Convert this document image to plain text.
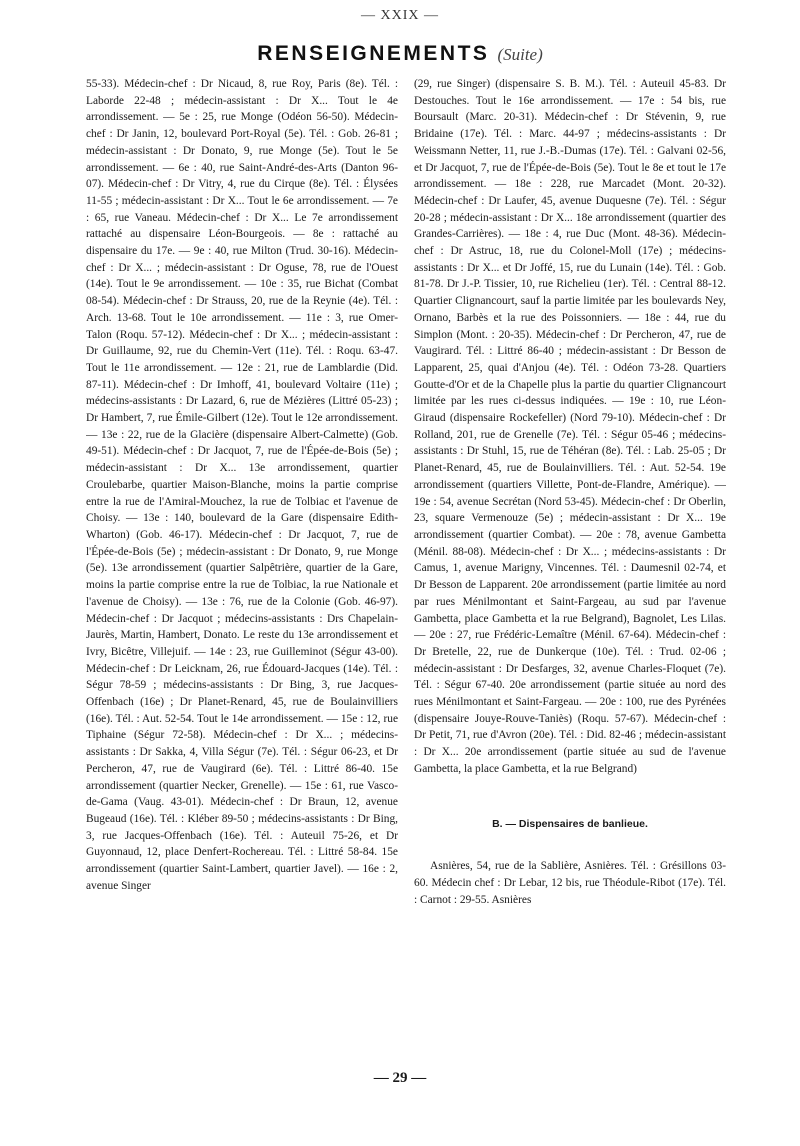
— XXIX —
RENSEIGNEMENTS (Suite)

55-33). Médecin-chef : Dr Nicaud, 8, rue Roy, Paris (8e). Tél. : Laborde 22-48 ; médecin-assistant : Dr X... Tout le 4e arrondissement. — 5e : 25, rue Monge (Odéon 56-50). Médecin-chef : Dr Janin, 12, boulevard Port-Royal (5e). Tél. : Gob. 26-81 ; médecin-assistant : Dr Donato, 9, rue Monge (5e). Tout le 5e arrondissement. — 6e : 40, rue Saint-André-des-Arts (Danton 96-07). Médecin-chef : Dr Vitry, 4, rue du Cirque (8e). Tél. : Élysées 11-55 ; médecin-assistant : Dr X... Tout le 6e arrondissement. — 7e : 65, rue Vaneau. Médecin-chef : Dr X... Le 7e arrondissement rattaché au dispensaire Léon-Bourgeois. — 8e : rattaché au dispensaire du 17e. — 9e : 40, rue Milton (Trud. 30-16). Médecin-chef : Dr X... ; médecin-assistant : Dr Oguse, 78, rue de l'Ouest (14e). Tout le 9e arrondissement. — 10e : 35, rue Bichat (Combat 08-54). Médecin-chef : Dr Strauss, 20, rue de la Reynie (4e). Tél. : Arch. 13-68. Tout le 10e arrondissement. — 11e : 3, rue Omer-Talon (Roqu. 57-12). Médecin-chef : Dr X... ; médecin-assistant : Dr Guillaume, 92, rue du Chemin-Vert (11e). Tél. : Roqu. 63-47. Tout le 11e arrondissement. — 12e : 21, rue de Lamblardie (Did. 87-11). Médecin-chef : Dr Imhoff, 41, boulevard Voltaire (11e) ; médecins-assistants : Dr Lazard, 6, rue de Mézières (Littré 05-23) ; Dr Hambert, 7, rue Émile-Gilbert (12e). Tout le 12e arrondissement. — 13e : 22, rue de la Glacière (dispensaire Albert-Calmette) (Gob. 49-51). Médecin-chef : Dr Jacquot, 7, rue de l'Épée-de-Bois (5e) ; médecin-assistant : Dr X... 13e arrondissement, quartier Croulebarbe, quartier Maison-Blanche, moins la partie comprise entre la rue de l'Amiral-Mouchez, la rue de Tolbiac et l'avenue de Choisy. — 13e : 140, boulevard de la Gare (dispensaire Edith-Wharton) (Gob. 46-17). Médecin-chef : Dr Jacquot, 7, rue de l'Épée-de-Bois (5e) ; médecin-assistant : Dr Donato, 9, rue Monge (5e). 13e arrondissement (quartier Salpêtrière, quartier de la Gare, moins la partie comprise entre la rue de Tolbiac, la rue Nationale et l'avenue de Choisy). — 13e : 76, rue de la Colonie (Gob. 46-97). Médecin-chef : Dr Jacquot ; médecins-assistants : Drs Chapelain-Jaurès, Martin, Hambert, Donato. Le reste du 13e arrondissement et Ivry, Bicêtre, Villejuif. — 14e : 23, rue Guilleminot (Ségur 43-00). Médecin-chef : Dr Leicknam, 26, rue Édouard-Jacques (14e). Tél. : Ségur 78-59 ; médecins-assistants : Dr Bing, 3, rue Jacques-Offenbach (16e) ; Dr Planet-Renard, 45, rue de Boulainvilliers (16e). Tél. : Aut. 52-54. Tout le 14e arrondissement. — 15e : 12, rue Tiphaine (Ségur 72-58). Médecin-chef : Dr X... ; médecins-assistants : Dr Sakka, 4, Villa Ségur (7e). Tél. : Ségur 06-23, et Dr Percheron, 47, rue de Vaugirard (6e). Tél. : Littré 86-40. 15e arrondissement (quartier Necker, Grenelle). — 15e : 61, rue Vasco-de-Gama (Vaug. 43-01). Médecin-chef : Dr Braun, 12, avenue Bugeaud (16e). Tél. : Kléber 89-50 ; médecins-assistants : Dr Bing, 3, rue Jacques-Offenbach (16e). Tél. : Auteuil 75-26, et Dr Guyonnaud, 12, place Denfert-Rochereau. Tél. : Littré 58-84. 15e arrondissement (quartier Saint-Lambert, quartier Javel). — 16e : 2, avenue Singer

(29, rue Singer) (dispensaire S. B. M.). Tél. : Auteuil 45-83. Dr Destouches. Tout le 16e arrondissement. — 17e : 54 bis, rue Boursault (Marc. 20-31). Médecin-chef : Dr Stévenin, 9, rue Bridaine (17e). Tél. : Marc. 44-97 ; médecins-assistants : Dr Weissmann Netter, 11, rue J.-B.-Dumas (17e). Tél. : Galvani 02-56, et Dr Jacquot, 7, rue de l'Épée-de-Bois (5e). Tout le 8e et tout le 17e arrondissement. — 18e : 228, rue Marcadet (Mont. 20-32). Médecin-chef : Dr Laufer, 45, avenue Duquesne (7e). Tél. : Ségur 20-28 ; médecin-assistant : Dr X... 18e arrondissement (quartier des Grandes-Carrières). — 18e : 4, rue Duc (Mont. 48-36). Médecin-chef : Dr Astruc, 18, rue du Colonel-Moll (17e) ; médecins-assistants : Dr X... et Dr Joffé, 15, rue du Lunain (14e). Tél. : Gob. 81-78. Dr J.-P. Tissier, 10, rue Richelieu (1er). Tél. : Central 88-12. Quartier Clignancourt, sauf la partie limitée par les boulevards Ney, Ornano, Barbès et la rue des Poissonniers. — 18e : 44, rue du Simplon (Mont. : 20-35). Médecin-chef : Dr Percheron, 47, rue de Vaugirard. Tél. : Littré 86-40 ; médecin-assistant : Dr Besson de Lapparent, 25, quai d'Anjou (4e). Tél. : Odéon 73-28. Quartiers Goutte-d'Or et de la Chapelle plus la partie du quartier Clignancourt limitée par les rues ci-dessus indiquées. — 19e : 10, rue Léon-Giraud (dispensaire Rockefeller) (Nord 79-10). Médecin-chef : Dr Rolland, 201, rue de Grenelle (7e). Tél. : Ségur 05-46 ; médecins-assistants : Dr Stuhl, 15, rue de Téhéran (8e). Tél. : Lab. 25-05 ; Dr Planet-Renard, 45, rue de Boulainvilliers. Tél. : Aut. 52-54. 19e arrondissement (quartiers Villette, Pont-de-Flandre, Amérique). — 19e : 54, avenue Secrétan (Nord 53-45). Médecin-chef : Dr Oberlin, 23, square Vermenouze (5e) ; médecin-assistant : Dr X... 19e arrondissement (quartier Combat). — 20e : 78, avenue Gambetta (Ménil. 88-08). Médecin-chef : Dr X... ; médecins-assistants : Dr Camus, 1, avenue Marigny, Vincennes. Tél. : Daumesnil 02-74, et Dr Besson de Lapparent. 20e arrondissement (partie limitée au nord par rues Ménilmontant et Saint-Fargeau, au sud par l'avenue Gambetta, place Gambetta et la rue Belgrand), Bagnolet, Les Lilas. — 20e : 27, rue Frédéric-Lemaître (Ménil. 67-64). Médecin-chef : Dr Bretelle, 22, rue de Dunkerque (10e). Tél. : Trud. 02-06 ; médecin-assistant : Dr Desfarges, 32, avenue Charles-Floquet (7e). Tél. : Ségur 67-40. 20e arrondissement (partie située au nord des rues Ménilmontant et Saint-Fargeau. — 20e : 100, rue des Pyrénées (dispensaire Jouye-Rouve-Taniès) (Roqu. 57-67). Médecin-chef : Dr Petit, 71, rue d'Avron (20e). Tél. : Did. 82-46 ; médecin-assistant : Dr X... 20e arrondissement (partie située au sud de l'avenue Gambetta, la place Gambetta, et la rue Belgrand)

B. — Dispensaires de banlieue.

Asnières, 54, rue de la Sablière, Asnières. Tél. : Grésillons 03-60. Médecin chef : Dr Lebar, 12 bis, rue Théodule-Ribot (17e). Tél. : Carnot : 29-55. Asnières

— 29 —
